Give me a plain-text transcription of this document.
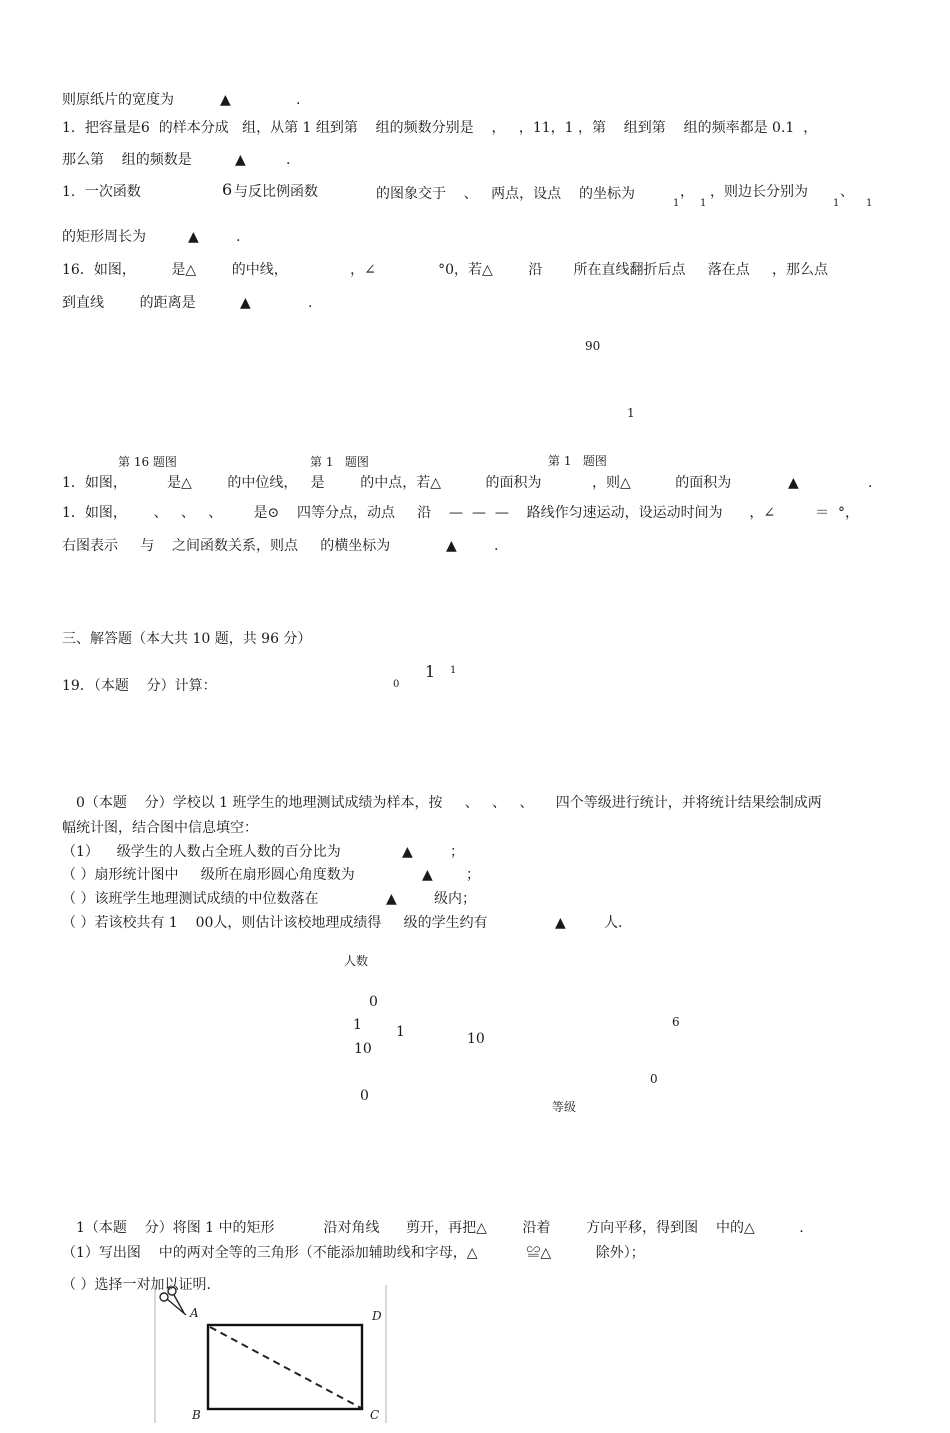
则原纸片的宽度为	▲	.
1．把容量是6  的样本分成   组，从第 1 组到第    组的频数分别是    ，   ，11，1 ，第    组到第    组的频率都是 0.1  ，
那么第    组的频数是	▲	.
1．一次函数	6 与反比例函数	的图象交于    、   两点，设点    的坐标为
1
，
1
，则边长分别为
1
、
1
的矩形周长为	▲	.
16．如图，        是△        的中线，              ，∠              °0，若△        沿       所在直线翻折后点     落在点     ，那么点
到直线        的距离是	▲	.
90
1
第 16 题图	第 1   题图	第 1   题图
1．如图，         是△        的中位线，   是        的中点，若△          的面积为	，则△          的面积为	▲	.
1．如图，      、   、   、       是⊙    四等分点，动点     沿    —  —  —    路线作匀速运动，设运动时间为      ，∠         ＝  °，
右图表示     与    之间函数关系，则点     的横坐标为	▲	.
三、解答题（本大共 10 题，共 96 分）
19．（本题    分）计算：	0
1 1
0（本题    分）学校以 1 班学生的地理测试成绩为样本，按     、   、   、     四个等级进行统计，并将统计结果绘制成两
幅统计图，结合图中信息填空：
（1）    级学生的人数占全班人数的百分比为	▲	；
（ ）扇形统计图中     级所在扇形圆心角度数为	▲ ；
（ ）该班学生地理测试成绩的中位数落在	▲	级内；
（ ）若该校共有 1    00人，则估计该校地理成绩得     级的学生约有	▲	人.
人数
0
1 1
10
10
6
0
0
等级
1（本题    分）将图 1 中的矩形           沿对角线      剪开，再把△        沿着        方向平移，得到图    中的△          .
（1）写出图    中的两对全等的三角形（不能添加辅助线和字母，△           ≌△          除外）；
（ ）选择一对加以证明.
A	D
B	C
